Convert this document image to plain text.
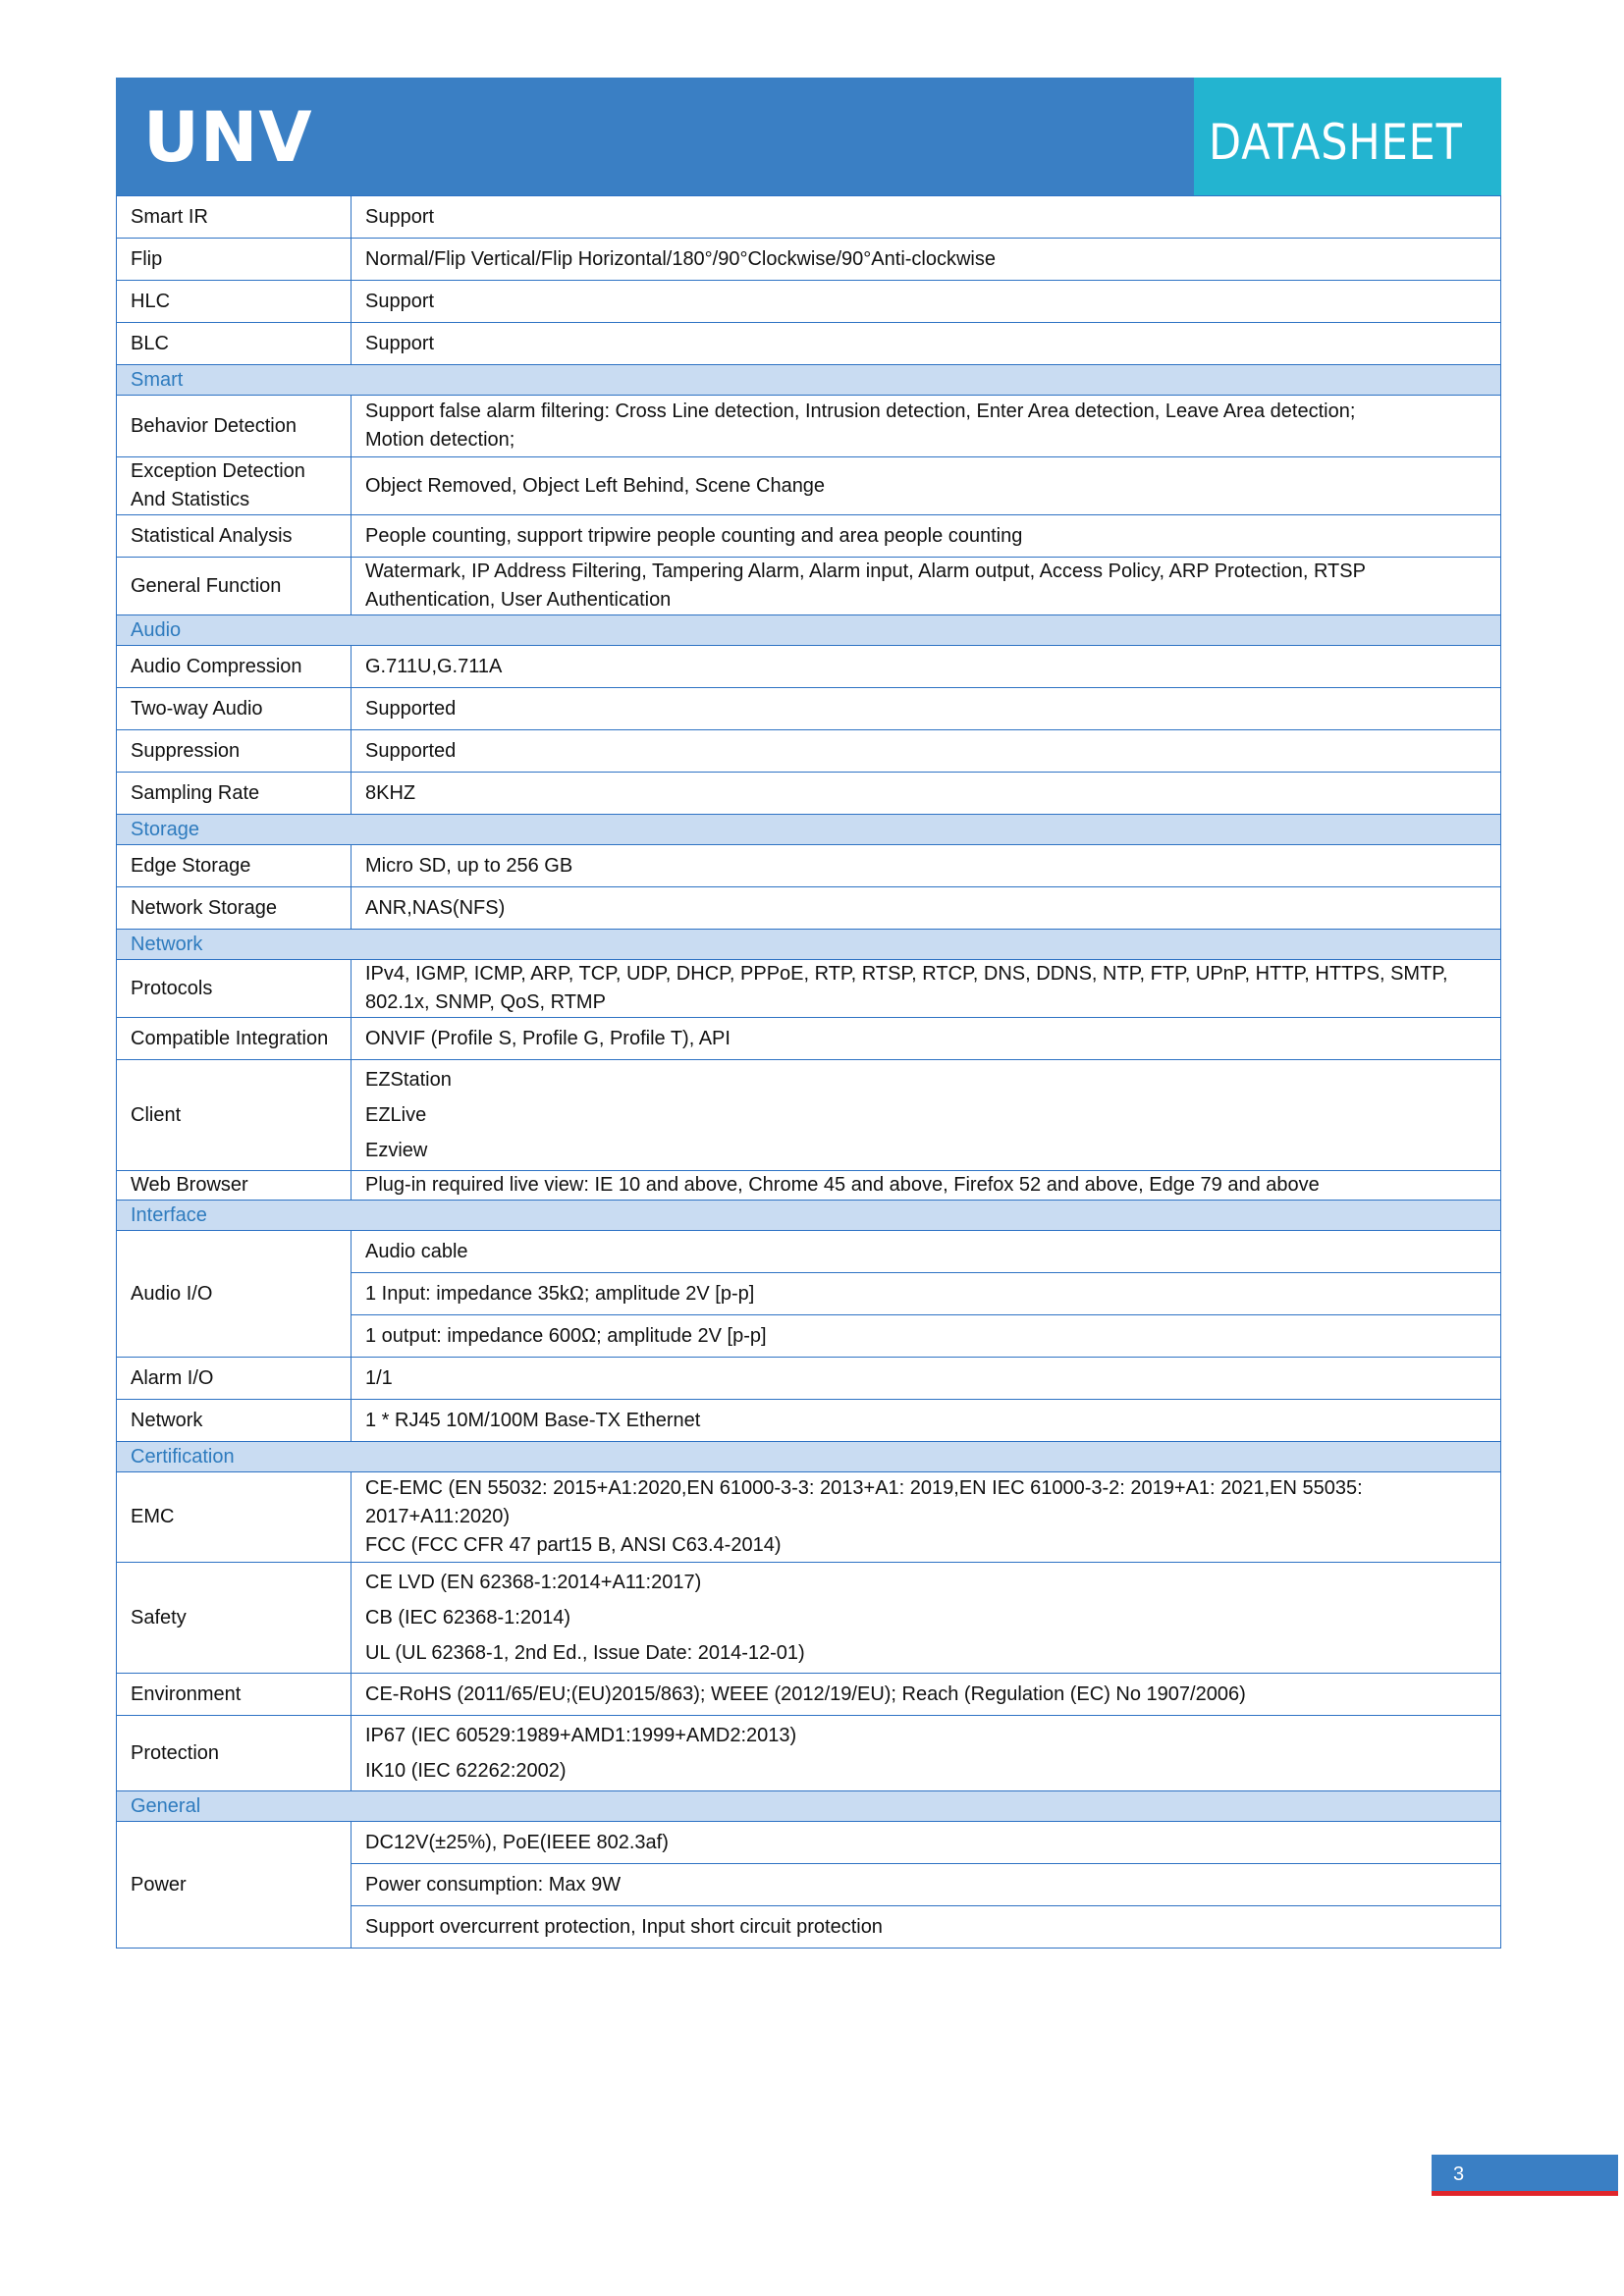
UNV	DATASHEET
Smart IR	Support

Flip	Normal/Flip Vertical/Flip Horizontal/180°/90°Clockwise/90°Anti-clockwise

HLC	Support

BLC	Support

Smart	
Behavior Detection	Support false alarm filtering: Cross Line detection, Intrusion detection, Enter Area detection, Leave Area detection;
Motion detection;

Exception Detection And Statistics	Object Removed, Object Left Behind, Scene Change

Statistical Analysis	People counting, support tripwire people counting and area people counting

General Function	Watermark, IP Address Filtering, Tampering Alarm, Alarm input, Alarm output, Access Policy, ARP Protection, RTSP Authentication, User Authentication

Audio	
Audio Compression	G.711U,G.711A

Two-way Audio	Supported

Suppression	Supported

Sampling Rate	8KHZ

Storage	
Edge Storage	Micro SD, up to 256 GB

Network Storage	ANR,NAS(NFS)

Network	
Protocols	IPv4, IGMP, ICMP, ARP, TCP, UDP, DHCP, PPPoE, RTP, RTSP, RTCP, DNS, DDNS, NTP, FTP, UPnP, HTTP, HTTPS, SMTP, 802.1x, SNMP, QoS, RTMP

Compatible Integration	ONVIF (Profile S, Profile G, Profile T), API

Client	EZStation
EZLive
Ezview

Web Browser	Plug-in required live view: IE 10 and above, Chrome 45 and above, Firefox 52 and above, Edge 79 and above

Interface	
Audio I/O	Audio cable
	1 Input: impedance 35kΩ; amplitude 2V [p-p]
	1 output: impedance 600Ω; amplitude 2V [p-p]
Alarm I/O	1/1

Network	1 * RJ45 10M/100M Base-TX Ethernet

Certification	
EMC	CE-EMC (EN 55032: 2015+A1:2020,EN 61000-3-3: 2013+A1: 2019,EN IEC 61000-3-2: 2019+A1: 2021,EN 55035: 2017+A11:2020)
FCC (FCC CFR 47 part15 B, ANSI C63.4-2014)

Safety	CE LVD (EN 62368-1:2014+A11:2017)
CB (IEC 62368-1:2014)
UL (UL 62368-1, 2nd Ed., Issue Date: 2014-12-01)

Environment	CE-RoHS (2011/65/EU;(EU)2015/863); WEEE (2012/19/EU); Reach (Regulation (EC) No 1907/2006)

Protection	IP67 (IEC 60529:1989+AMD1:1999+AMD2:2013)
IK10 (IEC 62262:2002)

General	
Power	DC12V(±25%), PoE(IEEE 802.3af)
	Power consumption: Max 9W
	Support overcurrent protection, Input short circuit protection
3
